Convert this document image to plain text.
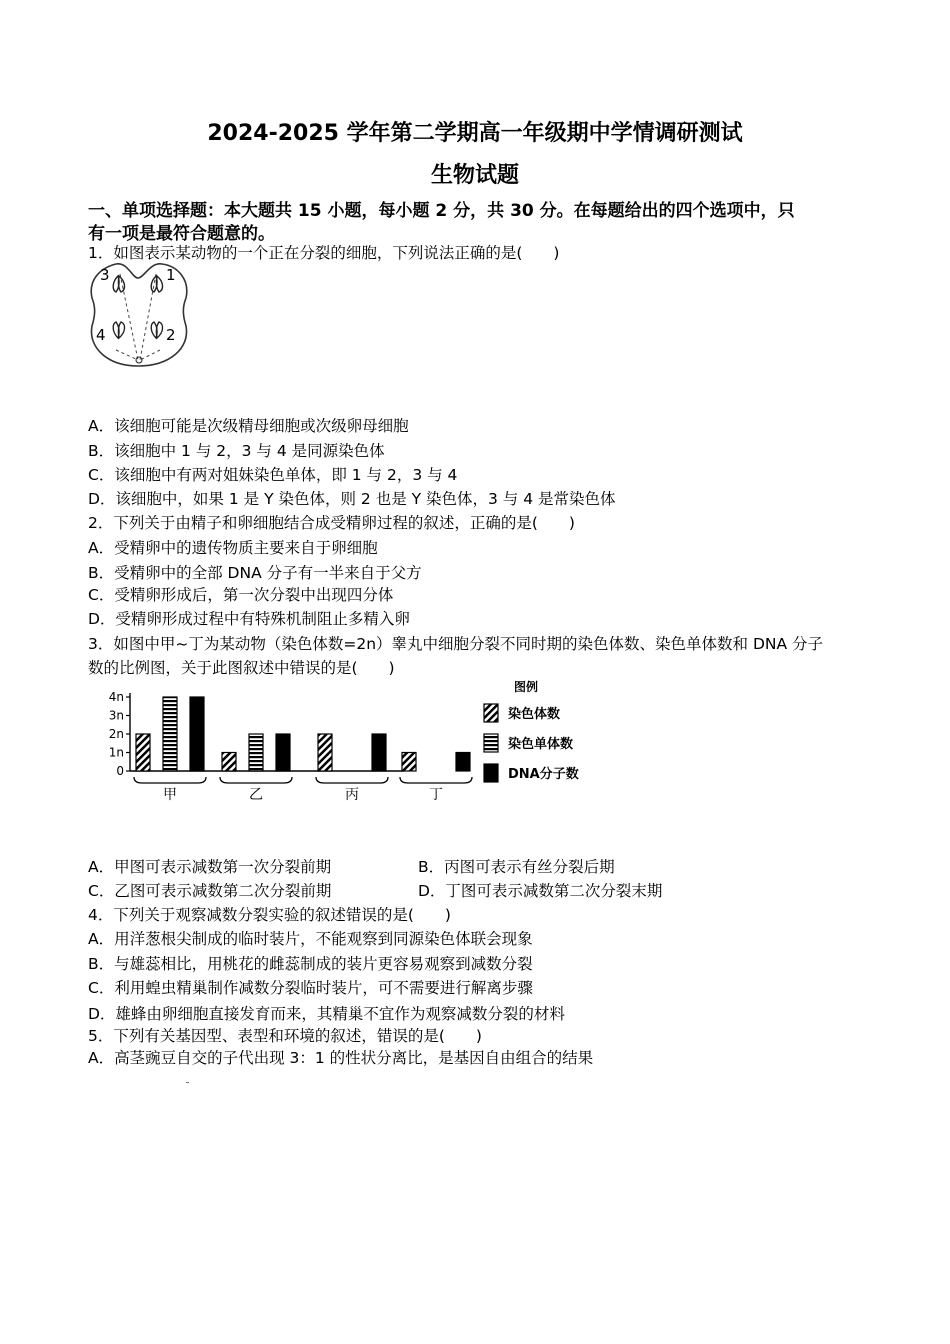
2024-2025 学年第二学期高一年级期中学情调研测试
生物试题
一、单项选择题：本大题共 15 小题，每小题 2 分，共 30 分。在每题给出的四个选项中，只
有一项是最符合题意的。
1．如图表示某动物的一个正在分裂的细胞，下列说法正确的是(　　)
3	1
4	2
A．该细胞可能是次级精母细胞或次级卵母细胞
B．该细胞中 1 与 2，3 与 4 是同源染色体
C．该细胞中有两对姐妹染色单体，即 1 与 2，3 与 4
D．该细胞中，如果 1 是 Y 染色体，则 2 也是 Y 染色体，3 与 4 是常染色体
2．下列关于由精子和卵细胞结合成受精卵过程的叙述，正确的是(　　)
A．受精卵中的遗传物质主要来自于卵细胞
B．受精卵中的全部 DNA 分子有一半来自于父方
C．受精卵形成后，第一次分裂中出现四分体
D．受精卵形成过程中有特殊机制阻止多精入卵
3．如图中甲~丁为某动物（染色体数=2n）睾丸中细胞分裂不同时期的染色体数、染色单体数和 DNA 分子
数的比例图，关于此图叙述中错误的是(　　)
0
1n
2n
3n
4n
甲	乙	丙	丁
图例
染色体数
染色单体数
DNA分子数
A．甲图可表示减数第一次分裂前期	B．丙图可表示有丝分裂后期
C．乙图可表示减数第二次分裂前期	D．丁图可表示减数第二次分裂末期
4．下列关于观察减数分裂实验的叙述错误的是(　　)
A．用洋葱根尖制成的临时装片，不能观察到同源染色体联会现象
B．与雄蕊相比，用桃花的雌蕊制成的装片更容易观察到减数分裂
C．利用蝗虫精巢制作减数分裂临时装片，可不需要进行解离步骤
D．雄蜂由卵细胞直接发育而来，其精巢不宜作为观察减数分裂的材料
5．下列有关基因型、表型和环境的叙述，错误的是(　　)
A．高茎豌豆自交的子代出现 3：1 的性状分离比，是基因自由组合的结果
